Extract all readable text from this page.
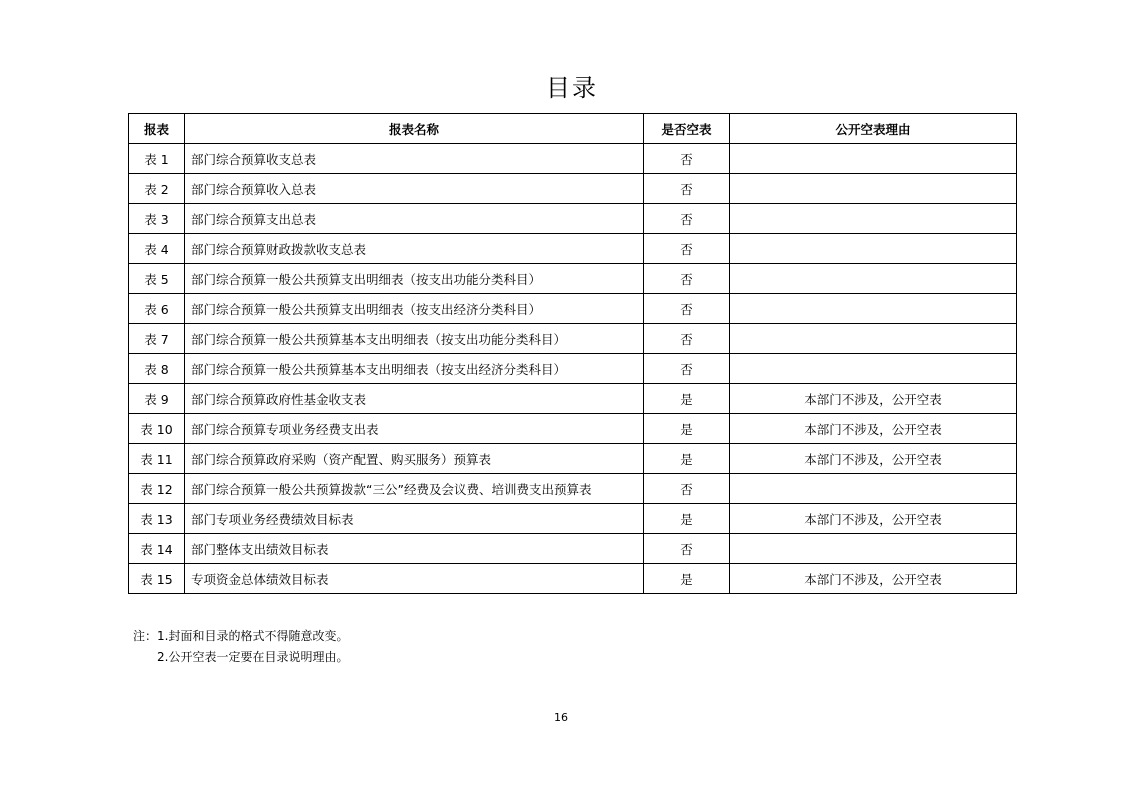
目录
报表	报表名称	是否空表	公开空表理由
表 1	部门综合预算收支总表	否	
表 2	部门综合预算收入总表	否	
表 3	部门综合预算支出总表	否	
表 4	部门综合预算财政拨款收支总表	否	
表 5	部门综合预算一般公共预算支出明细表（按支出功能分类科目）	否	
表 6	部门综合预算一般公共预算支出明细表（按支出经济分类科目）	否	
表 7	部门综合预算一般公共预算基本支出明细表（按支出功能分类科目）	否	
表 8	部门综合预算一般公共预算基本支出明细表（按支出经济分类科目）	否	
表 9	部门综合预算政府性基金收支表	是	本部门不涉及，公开空表
表 10	部门综合预算专项业务经费支出表	是	本部门不涉及，公开空表
表 11	部门综合预算政府采购（资产配置、购买服务）预算表	是	本部门不涉及，公开空表
表 12	部门综合预算一般公共预算拨款“三公”经费及会议费、培训费支出预算表	否	
表 13	部门专项业务经费绩效目标表	是	本部门不涉及，公开空表
表 14	部门整体支出绩效目标表	否	
表 15	专项资金总体绩效目标表	是	本部门不涉及，公开空表
注：1.封面和目录的格式不得随意改变。
2.公开空表一定要在目录说明理由。
16
